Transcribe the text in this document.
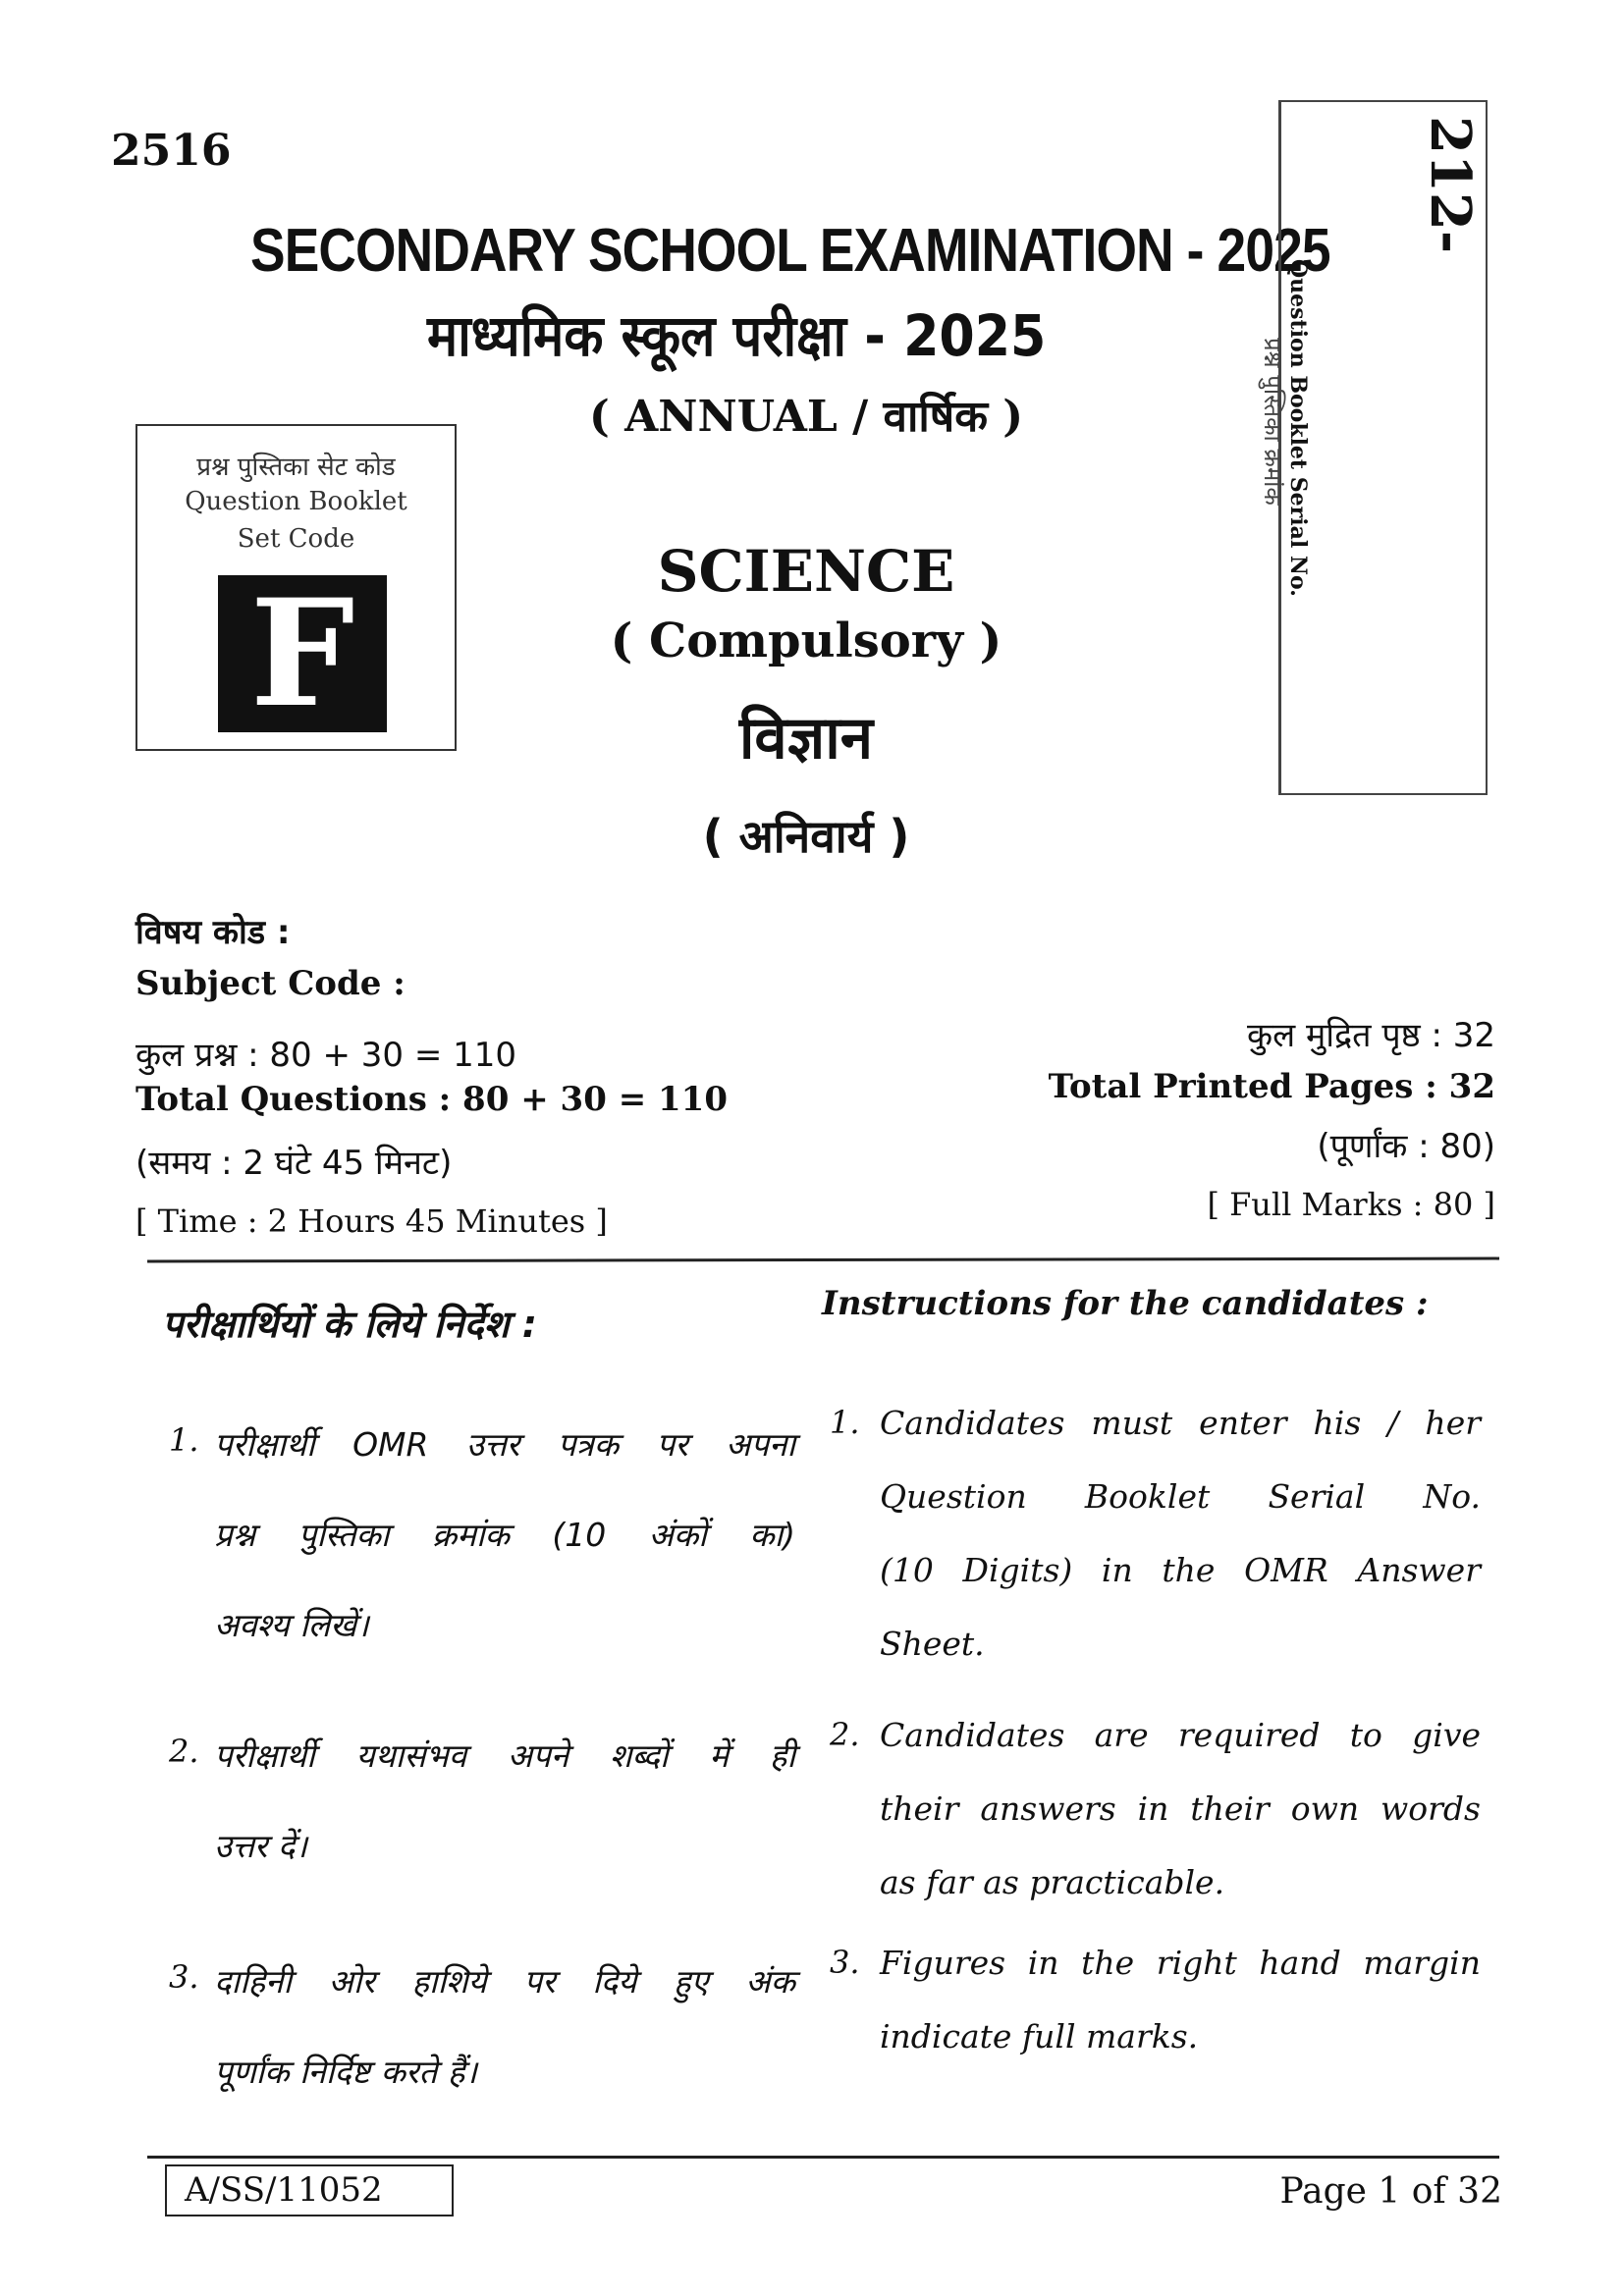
2516
SECONDARY SCHOOL EXAMINATION - 2025
माध्यमिक स्कूल परीक्षा - 2025
( ANNUAL / वार्षिक )
प्रश्न पुस्तिका सेट कोड
Question Booklet
Set Code
F
212-
Question Booklet Serial No.
प्रश्न पुस्तिका क्रमांक
SCIENCE
( Compulsory )
विज्ञान
( अनिवार्य )
विषय कोड :
Subject Code :
कुल प्रश्न : 80 + 30 = 110
Total Questions : 80 + 30 = 110
(समय : 2 घंटे 45 मिनट)
[ Time : 2 Hours 45 Minutes ]
कुल मुद्रित पृष्ठ : 32
Total Printed Pages : 32
(पूर्णांक : 80)
[ Full Marks : 80 ]
परीक्षार्थियों के लिये निर्देश :	Instructions for the candidates :
1. परीक्षार्थी OMR उत्तर पत्रक पर अपना
प्रश्न पुस्तिका क्रमांक (10 अंकों का)
अवश्य लिखें।
2. परीक्षार्थी यथासंभव अपने शब्दों में ही
उत्तर दें।
3. दाहिनी ओर हाशिये पर दिये हुए अंक
पूर्णांक निर्दिष्ट करते हैं।
1. Candidates must enter his / her
Question Booklet Serial No.
(10 Digits) in the OMR Answer
Sheet.
2. Candidates are required to give
their answers in their own words
as far as practicable.
3. Figures in the right hand margin
indicate full marks.
A/SS/11052	Page 1 of 32
